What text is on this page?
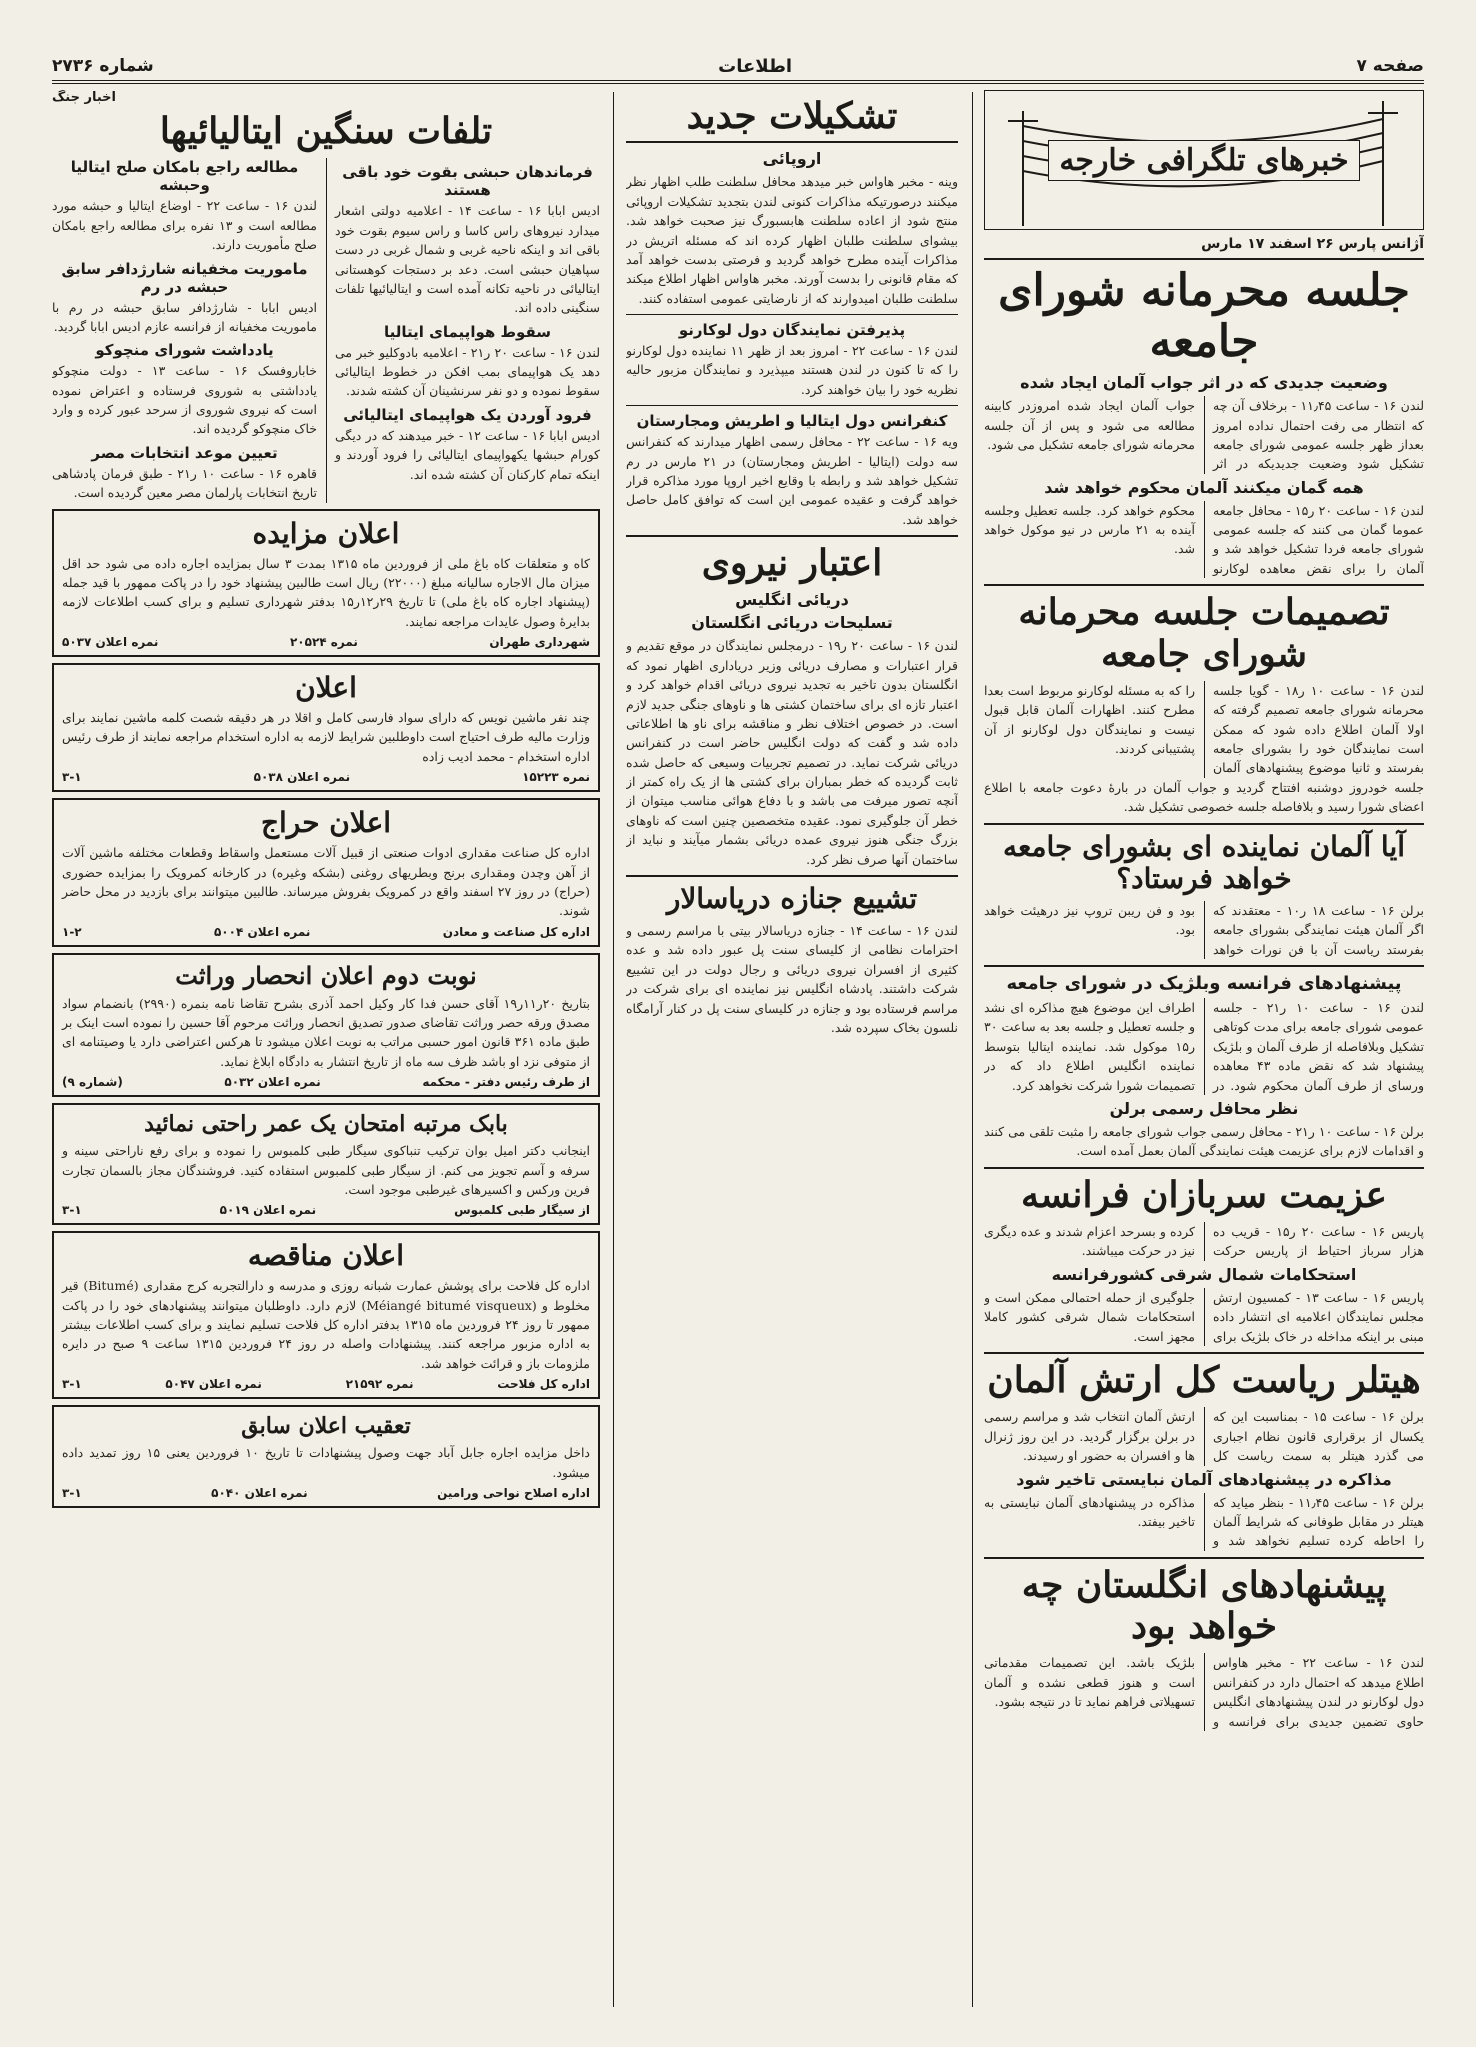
صفحه ۷
اطلاعات
شماره ۲۷۳۶
خبرهای تلگرافی خارجه
آژانس پارس ۲۶ اسفند ۱۷ مارس
جلسه محرمانه شورای جامعه
وضعیت جدیدی که در اثر جواب آلمان ایجاد شده
لندن ۱۶ - ساعت ۱۱٫۴۵ - برخلاف آن چه که انتظار می رفت احتمال نداده امروز بعداز ظهر جلسه عمومی شورای جامعه تشکیل شود وضعیت جدیدیکه در اثر جواب آلمان ایجاد شده امروزدر کابینه مطالعه می شود و پس از آن جلسه محرمانه شورای جامعه تشکیل می شود.
همه گمان میکنند آلمان محکوم خواهد شد
لندن ۱۶ - ساعت ۲۰ ر۱۵ - محافل جامعه عموما گمان می کنند که جلسه عمومی شورای جامعه فردا تشکیل خواهد شد و آلمان را برای نقض معاهده لوکارنو محکوم خواهد کرد. جلسه تعطیل وجلسه آینده به ۲۱ مارس در نیو موکول خواهد شد.
تصمیمات جلسه محرمانه شورای جامعه
لندن ۱۶ - ساعت ۱۰ ر۱۸ - گویا جلسه محرمانه شورای جامعه تصمیم گرفته که اولا آلمان اطلاع داده شود که ممکن است نمایندگان خود را بشورای جامعه بفرستد و ثانیا موضوع پیشنهادهای آلمان را که به مسئله لوکارنو مربوط است بعدا مطرح کنند. اظهارات آلمان قابل قبول نیست و نمایندگان دول لوکارنو از آن پشتیبانی کردند.
جلسه خودروز دوشنبه افتتاح گردید و جواب آلمان در بارهٔ دعوت جامعه با اطلاع اعضای شورا رسید و بلافاصله جلسه خصوصی تشکیل شد.
آیا آلمان نماینده ای بشورای جامعه خواهد فرستاد؟
برلن ۱۶ - ساعت ۱۸ ر۱۰ - معتقدند که اگر آلمان هیئت نمایندگی بشورای جامعه بفرستد ریاست آن با فن نورات خواهد بود و فن ریبن تروپ نیز درهیئت خواهد بود.
پیشنهادهای فرانسه وبلژیک در شورای جامعه
لندن ۱۶ - ساعت ۱۰ ر۲۱ - جلسه عمومی شورای جامعه برای مدت کوتاهی تشکیل وبلافاصله از طرف آلمان و بلژیک پیشنهاد شد که نقض ماده ۴۳ معاهده ورسای از طرف آلمان محکوم شود. در اطراف این موضوع هیچ مذاکره ای نشد و جلسه تعطیل و جلسه بعد به ساعت ۳۰ ر۱۵ موکول شد. نماینده ایتالیا بتوسط نماینده انگلیس اطلاع داد که در تصمیمات شورا شرکت نخواهد کرد.
نظر محافل رسمی برلن
برلن ۱۶ - ساعت ۱۰ ر۲۱ - محافل رسمی جواب شورای جامعه را مثبت تلقی می کنند و اقدامات لازم برای عزیمت هیئت نمایندگی آلمان بعمل آمده است.
عزیمت سربازان فرانسه
پاریس ۱۶ - ساعت ۲۰ ر۱۵ - قریب ده هزار سرباز احتیاط از پاریس حرکت کرده و بسرحد اعزام شدند و عده دیگری نیز در حرکت میباشند.
استحکامات شمال شرقی کشورفرانسه
پاریس ۱۶ - ساعت ۱۳ - کمسیون ارتش مجلس نمایندگان اعلامیه ای انتشار داده مبنی بر اینکه مداخله در خاک بلژیک برای جلوگیری از حمله احتمالی ممکن است و استحکامات شمال شرقی کشور کاملا مجهز است.
هیتلر ریاست کل ارتش آلمان
برلن ۱۶ - ساعت ۱۵ - بمناسبت این که یکسال از برقراری قانون نظام اجباری می گذرد هیتلر به سمت ریاست کل ارتش آلمان انتخاب شد و مراسم رسمی در برلن برگزار گردید. در این روز ژنرال ها و افسران به حضور او رسیدند.
مذاکره در پیشنهادهای آلمان نبایستی تاخیر شود
برلن ۱۶ - ساعت ۱۱٫۴۵ - بنظر میاید که هیتلر در مقابل طوفانی که شرایط آلمان را احاطه کرده تسلیم نخواهد شد و مذاکره در پیشنهادهای آلمان نبایستی به تاخیر بیفتد.
پیشنهادهای انگلستان چه خواهد بود
لندن ۱۶ - ساعت ۲۲ - مخبر هاواس اطلاع میدهد که احتمال دارد در کنفرانس دول لوکارنو در لندن پیشنهادهای انگلیس حاوی تضمین جدیدی برای فرانسه و بلژیک باشد. این تصمیمات مقدماتی است و هنوز قطعی نشده و آلمان تسهیلاتی فراهم نماید تا در نتیجه بشود.
تشکیلات جدید
اروپائی
وینه - مخبر هاواس خبر میدهد محافل سلطنت طلب اظهار نظر میکنند درصورتیکه مذاکرات کنونی لندن بتجدید تشکیلات اروپائی منتج شود از اعاده سلطنت هابسبورگ نیز صحبت خواهد شد. بیشوای سلطنت طلبان اظهار کرده اند که مسئله اتریش در مذاکرات آینده مطرح خواهد گردید و فرصتی بدست خواهد آمد که مقام قانونی را بدست آورند. مخبر هاواس اظهار اطلاع میکند سلطنت طلبان امیدوارند که از نارضایتی عمومی استفاده کنند.
پذیرفتن نمایندگان دول لوکارنو
لندن ۱۶ - ساعت ۲۲ - امروز بعد از ظهر ۱۱ نماینده دول لوکارنو را که تا کنون در لندن هستند میپذیرد و نمایندگان مزبور حالیه نظریه خود را بیان خواهند کرد.
کنفرانس دول ایتالیا و اطریش ومجارستان
ویه ۱۶ - ساعت ۲۲ - محافل رسمی اظهار میدارند که کنفرانس سه دولت (ایتالیا - اطریش ومجارستان) در ۲۱ مارس در رم تشکیل خواهد شد و رابطه با وقایع اخیر اروپا مورد مذاکره قرار خواهد گرفت و عقیده عمومی این است که توافق کامل حاصل خواهد شد.
اعتبار نیروی
دریائی انگلیس
تسلیحات دریائی انگلستان
لندن ۱۶ - ساعت ۲۰ ر۱۹ - درمجلس نمایندگان در موقع تقدیم و قرار اعتبارات و مصارف دریائی وزیر دریاداری اظهار نمود که انگلستان بدون تاخیر به تجدید نیروی دریائی اقدام خواهد کرد و اعتبار تازه ای برای ساختمان کشتی ها و ناوهای جنگی جدید لازم است. در خصوص اختلاف نظر و مناقشه برای ناو ها اطلاعاتی داده شد و گفت که دولت انگلیس حاضر است در کنفرانس دریائی شرکت نماید. در تصمیم تجربیات وسیعی که حاصل شده ثابت گردیده که خطر بمباران برای کشتی ها از یک راه کمتر از آنچه تصور میرفت می باشد و با دفاع هوائی مناسب میتوان از خطر آن جلوگیری نمود. عقیده متخصصین چنین است که ناوهای بزرگ جنگی هنوز نیروی عمده دریائی بشمار میآیند و نباید از ساختمان آنها صرف نظر کرد.
تشییع جنازه دریاسالار
لندن ۱۶ - ساعت ۱۴ - جنازه دریاسالار بیتی با مراسم رسمی و احترامات نظامی از کلیسای سنت پل عبور داده شد و عده کثیری از افسران نیروی دریائی و رجال دولت در این تشییع شرکت داشتند. پادشاه انگلیس نیز نماینده ای برای شرکت در مراسم فرستاده بود و جنازه در کلیسای سنت پل در کنار آرامگاه نلسون بخاک سپرده شد.
اخبار جنگ
تلفات سنگین ایتالیائیها
فرماندهان حبشی بقوت خود باقی هستند
ادیس ابابا ۱۶ - ساعت ۱۴ - اعلامیه دولتی اشعار میدارد نیروهای راس کاسا و راس سیوم بقوت خود باقی اند و اینکه ناحیه غربی و شمال غربی در دست سپاهیان حبشی است. دعد بر دستجات کوهستانی ایتالیائی در ناحیه تکانه آمده است و ایتالیائیها تلفات سنگینی داده اند.
سقوط هواپیمای ایتالیا
لندن ۱۶ - ساعت ۲۰ ر۲۱ - اعلامیه بادوکلیو خبر می دهد یک هواپیمای بمب افکن در خطوط ایتالیائی سقوط نموده و دو نفر سرنشینان آن کشته شدند.
فرود آوردن یک هواپیمای ایتالیائی
ادیس ابابا ۱۶ - ساعت ۱۲ - خبر میدهند که در دیگی کورام حبشها یکهواپیمای ایتالیائی را فرود آوردند و اینکه تمام کارکنان آن کشته شده اند.
مطالعه راجع بامکان صلح ایتالیا وحبشه
لندن ۱۶ - ساعت ۲۲ - اوضاع ایتالیا و حبشه مورد مطالعه است و ۱۳ نفره برای مطالعه راجع بامکان صلح مأموریت دارند.
ماموریت مخفیانه شارژدافر سابق حبشه در رم
ادیس ابابا - شارژدافر سابق حبشه در رم با ماموریت مخفیانه از فرانسه عازم ادیس ابابا گردید.
یادداشت شورای منچوکو
خاباروفسک ۱۶ - ساعت ۱۳ - دولت منچوکو یادداشتی به شوروی فرستاده و اعتراض نموده است که نیروی شوروی از سرحد عبور کرده و وارد خاک منچوکو گردیده اند.
تعیین موعد انتخابات مصر
قاهره ۱۶ - ساعت ۱۰ ر۲۱ - طبق فرمان پادشاهی تاریخ انتخابات پارلمان مصر معین گردیده است.
اعلان مزایده
کاه و متعلقات کاه باغ ملی از فروردین ماه ۱۳۱۵ بمدت ۳ سال بمزایده اجاره داده می شود حد اقل میزان مال الاجاره سالیانه مبلغ (۲۲۰۰۰) ریال است طالبین پیشنهاد خود را در پاکت ممهور با قید جمله (پیشنهاد اجاره کاه باغ ملی) تا تاریخ ۲۹ر۱۲ر۱۵ بدفتر شهرداری تسلیم و برای کسب اطلاعات لازمه بدایرهٔ وصول عایدات مراجعه نمایند.
شهرداری طهران
نمره ۲۰۵۲۴
نمره اعلان ۵۰۳۷
اعلان
چند نفر ماشین نویس که دارای سواد فارسی کامل و اقلا در هر دقیقه شصت کلمه ماشین نمایند برای وزارت مالیه طرف احتیاج است داوطلبین شرایط لازمه به اداره استخدام مراجعه نمایند از طرف رئیس اداره استخدام - محمد ادیب زاده
نمره ۱۵۲۲۳
نمره اعلان ۵۰۳۸
۳-۱
اعلان حراج
اداره کل صناعت مقداری ادوات صنعتی از قبیل آلات مستعمل واسقاط وقطعات مختلفه ماشین آلات از آهن وچدن ومقداری برنج وبطریهای روغنی (بشکه وغیره) در کارخانه کمرویک را بمزایده حضوری (حراج) در روز ۲۷ اسفند واقع در کمرویک بفروش میرساند. طالبین میتوانند برای بازدید در محل حاضر شوند.
اداره کل صناعت و معادن
نمره اعلان ۵۰۰۴
۱-۲
نوبت دوم اعلان انحصار وراثت
بتاریخ ۲۰ر۱۱ر۱۹ آقای حسن فدا کار وکیل احمد آذری بشرح تقاضا نامه بنمره (۲۹۹۰) بانضمام سواد مصدق ورقه حصر وراثت تقاضای صدور تصدیق انحصار وراثت مرحوم آقا حسین را نموده است اینک بر طبق ماده ۳۶۱ قانون امور حسبی مراتب به نوبت اعلان میشود تا هرکس اعتراضی دارد یا وصیتنامه ای از متوفی نزد او باشد ظرف سه ماه از تاریخ انتشار به دادگاه ابلاغ نماید.
از طرف رئیس دفتر - محکمه
نمره اعلان ۵۰۳۲
(شماره ۹)
بابک مرتبه امتحان یک عمر راحتی نمائید
اینجانب دکتر امیل بوان ترکیب تنباکوی سیگار طبی کلمبوس را نموده و برای رفع ناراحتی سینه و سرفه و آسم تجویز می کنم. از سیگار طبی کلمبوس استفاده کنید. فروشندگان مجاز بالسمان تجارت فرین ورکس و اکسیرهای غیرطبی موجود است.
از سیگار طبی کلمبوس
نمره اعلان ۵۰۱۹
۳-۱
اعلان مناقصه
اداره کل فلاحت برای پوشش عمارت شبانه روزی و مدرسه و دارالتجربه کرج مقداری (Bitumé) قیر مخلوط و (Méiangé bitumé visqueux) لازم دارد. داوطلبان میتوانند پیشنهادهای خود را در پاکت ممهور تا روز ۲۴ فروردین ماه ۱۳۱۵ بدفتر اداره کل فلاحت تسلیم نمایند و برای کسب اطلاعات بیشتر به اداره مزبور مراجعه کنند. پیشنهادات واصله در روز ۲۴ فروردین ۱۳۱۵ ساعت ۹ صبح در دایره ملزومات باز و قرائت خواهد شد.
اداره کل فلاحت
نمره ۲۱۵۹۲
نمره اعلان ۵۰۴۷
۳-۱
تعقیب اعلان سابق
داخل مزایده اجاره جابل آباد جهت وصول پیشنهادات تا تاریخ ۱۰ فروردین یعنی ۱۵ روز تمدید داده میشود.
اداره اصلاح نواحی ورامین
نمره اعلان ۵۰۴۰
۳-۱
